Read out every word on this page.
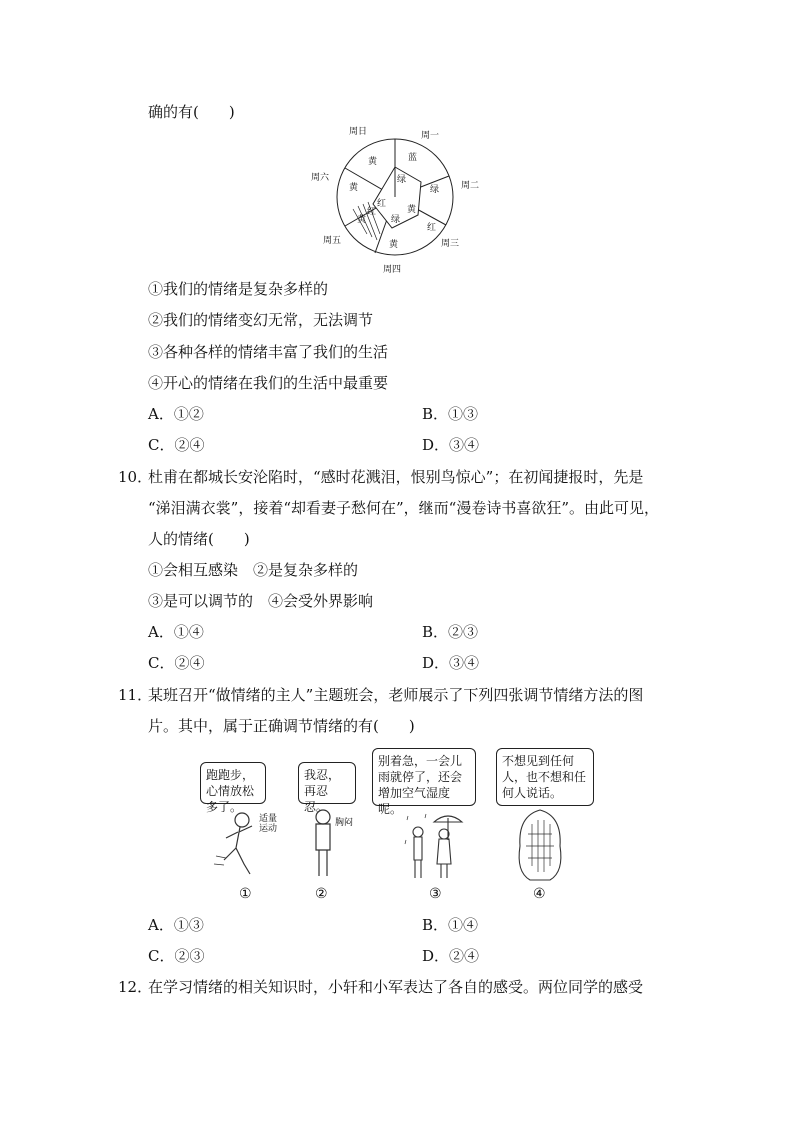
确的有(　　)
周日	周一
周二
周三
周四
周五
周六
黄	蓝
绿
绿
黄
红
黄
黄
红
红
绿
黄
①我们的情绪是复杂多样的
②我们的情绪变幻无常，无法调节
③各种各样的情绪丰富了我们的生活
④开心的情绪在我们的生活中最重要
A．①②	B．①③
C．②④	D．③④
10．
杜甫在都城长安沦陷时，“感时花溅泪，恨别鸟惊心”；在初闻捷报时，先是
“涕泪满衣裳”，接着“却看妻子愁何在”，继而“漫卷诗书喜欲狂”。由此可见，
人的情绪(　　)
①会相互感染　②是复杂多样的
③是可以调节的　④会受外界影响
A．①④	B．②③
C．②④	D．③④
11．
某班召开“做情绪的主人”主题班会，老师展示了下列四张调节情绪方法的图
片。其中，属于正确调节情绪的有(　　)
跑跑步，心情放松多了。
我忍，再忍忍。
别着急，一会儿雨就停了，还会增加空气湿度呢。
不想见到任何人，也不想和任何人说话。
适量运动
胸闷
①	②	③	④
A．①③	B．①④
C．②③	D．②④
12．
在学习情绪的相关知识时，小轩和小军表达了各自的感受。两位同学的感受
